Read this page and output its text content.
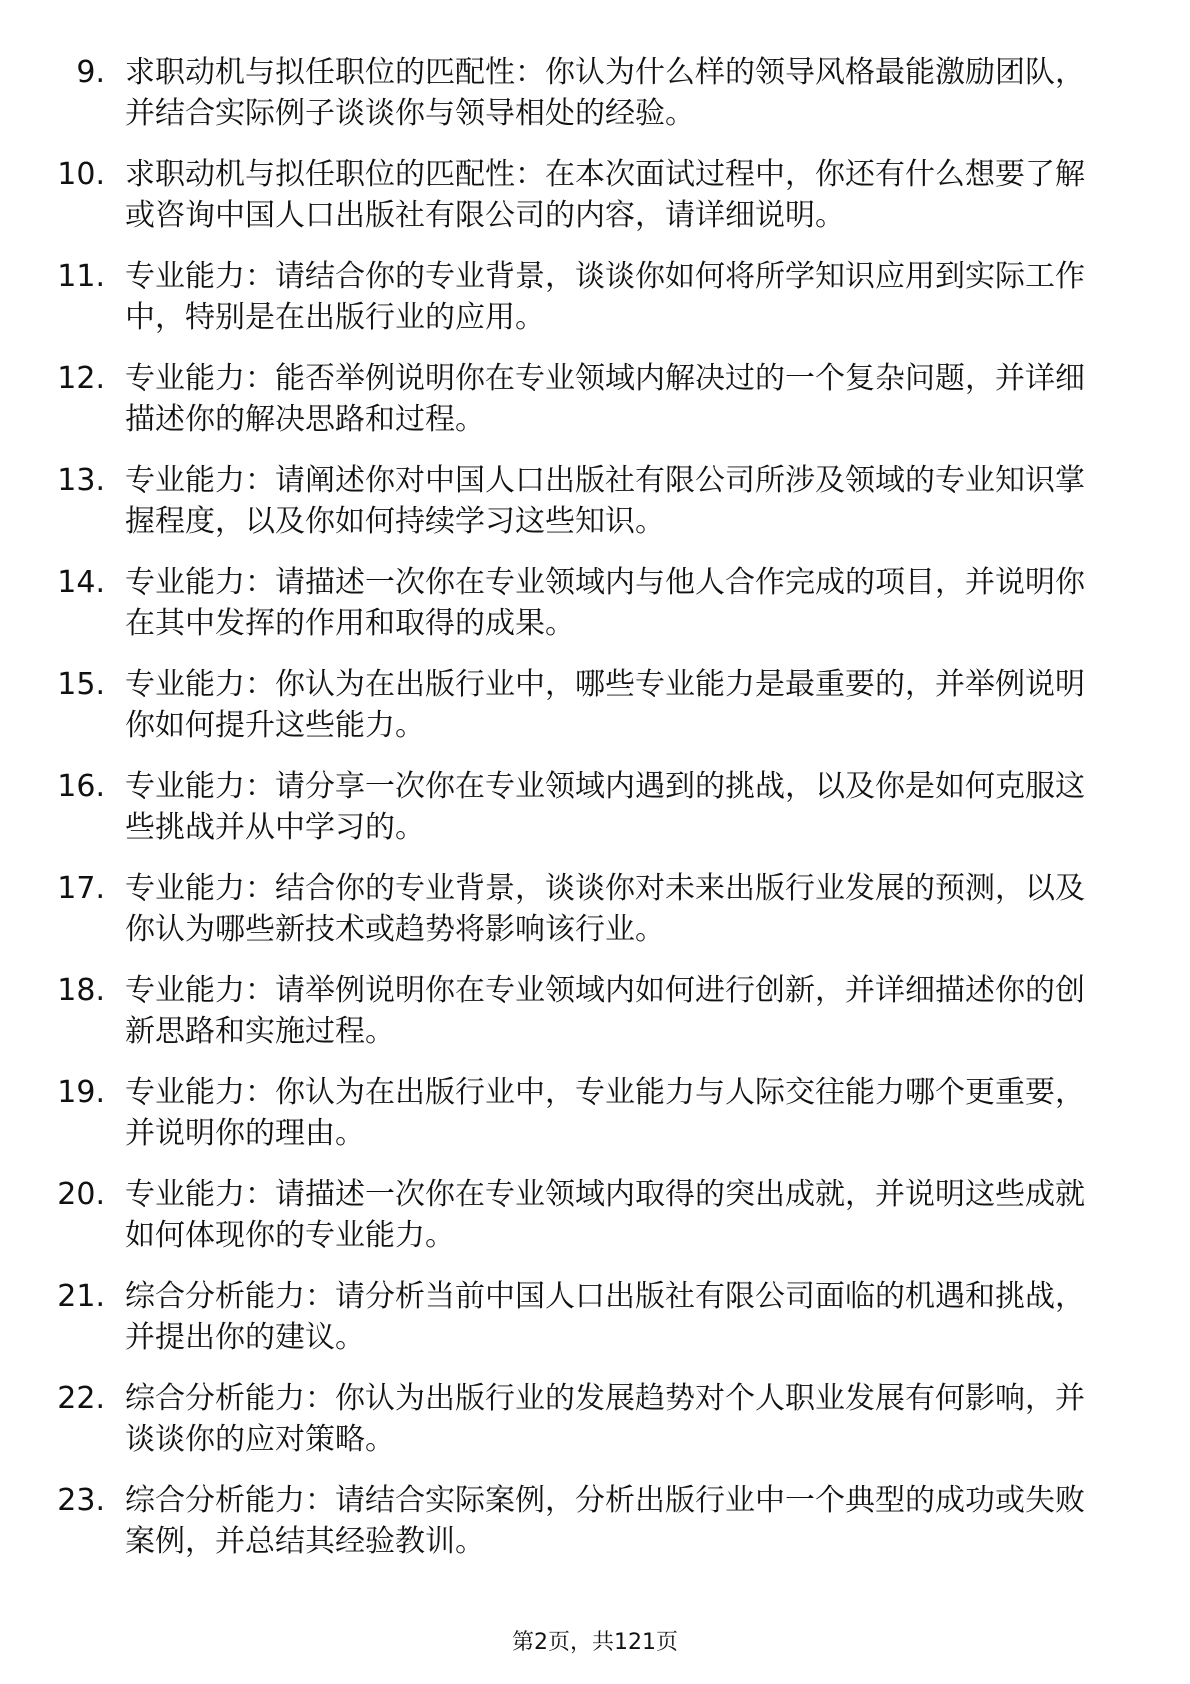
9. 求职动机与拟任职位的匹配性：你认为什么样的领导风格最能激励团队，并结合实际例子谈谈你与领导相处的经验。
10. 求职动机与拟任职位的匹配性：在本次面试过程中，你还有什么想要了解或咨询中国人口出版社有限公司的内容，请详细说明。
11. 专业能力：请结合你的专业背景，谈谈你如何将所学知识应用到实际工作中，特别是在出版行业的应用。
12. 专业能力：能否举例说明你在专业领域内解决过的一个复杂问题，并详细描述你的解决思路和过程。
13. 专业能力：请阐述你对中国人口出版社有限公司所涉及领域的专业知识掌握程度，以及你如何持续学习这些知识。
14. 专业能力：请描述一次你在专业领域内与他人合作完成的项目，并说明你在其中发挥的作用和取得的成果。
15. 专业能力：你认为在出版行业中，哪些专业能力是最重要的，并举例说明你如何提升这些能力。
16. 专业能力：请分享一次你在专业领域内遇到的挑战，以及你是如何克服这些挑战并从中学习的。
17. 专业能力：结合你的专业背景，谈谈你对未来出版行业发展的预测，以及你认为哪些新技术或趋势将影响该行业。
18. 专业能力：请举例说明你在专业领域内如何进行创新，并详细描述你的创新思路和实施过程。
19. 专业能力：你认为在出版行业中，专业能力与人际交往能力哪个更重要，并说明你的理由。
20. 专业能力：请描述一次你在专业领域内取得的突出成就，并说明这些成就如何体现你的专业能力。
21. 综合分析能力：请分析当前中国人口出版社有限公司面临的机遇和挑战，并提出你的建议。
22. 综合分析能力：你认为出版行业的发展趋势对个人职业发展有何影响，并谈谈你的应对策略。
23. 综合分析能力：请结合实际案例，分析出版行业中一个典型的成功或失败案例，并总结其经验教训。
第2页，共121页
